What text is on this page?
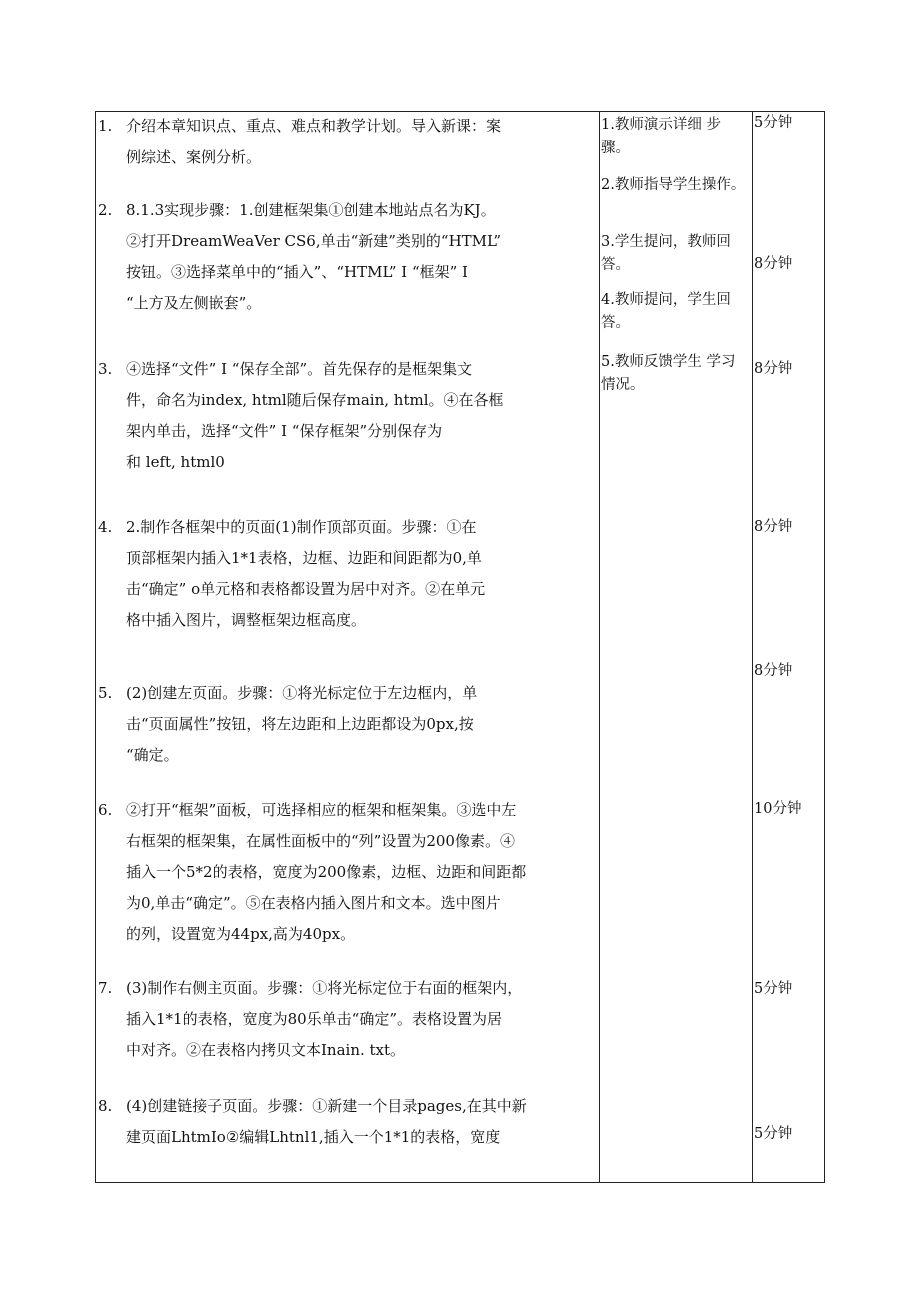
1. 介绍本章知识点、重点、难点和教学计划。导入新课：案
例综述、案例分析。
2. 8.1.3实现步骤：1.创建框架集①创建本地站点名为KJ。
②打开DreamWeaVer CS6,单击“新建”类别的“HTML”
按钮。③选择菜单中的“插入”、“HTML” I “框架” I
“上方及左侧嵌套”。
3. ④选择“文件” I “保存全部”。首先保存的是框架集文
件，命名为index, html随后保存main, html。④在各框
架内单击，选择“文件” I “保存框架”分别保存为
和 left, html0
4. 2.制作各框架中的页面(1)制作顶部页面。步骤：①在
顶部框架内插入1*1表格，边框、边距和间距都为0,单
击“确定” o单元格和表格都设置为居中对齐。②在单元
格中插入图片，调整框架边框高度。
5. (2)创建左页面。步骤：①将光标定位于左边框内，单
击“页面属性”按钮，将左边距和上边距都设为0px,按
“确定。
6. ②打开“框架”面板，可选择相应的框架和框架集。③选中左
右框架的框架集，在属性面板中的“列”设置为200像素。④
插入一个5*2的表格，宽度为200像素，边框、边距和间距都
为0,单击“确定”。⑤在表格内插入图片和文本。选中图片
的列，设置宽为44px,高为40px。
7. (3)制作右侧主页面。步骤：①将光标定位于右面的框架内，
插入1*1的表格，宽度为80乐单击“确定”。表格设置为居
中对齐。②在表格内拷贝文本Inain. txt。
8. (4)创建链接子页面。步骤：①新建一个目录pages,在其中新
建页面LhtmIo②编辑Lhtnl1,插入一个1*1的表格，宽度
1.教师演示详细 步骤。
2.教师指导学生操作。
3.学生提问，教师回答。
4.教师提问，学生回答。
5.教师反馈学生 学习情况。
5分钟
8分钟
8分钟
8分钟
8分钟
10分钟
5分钟
5分钟
